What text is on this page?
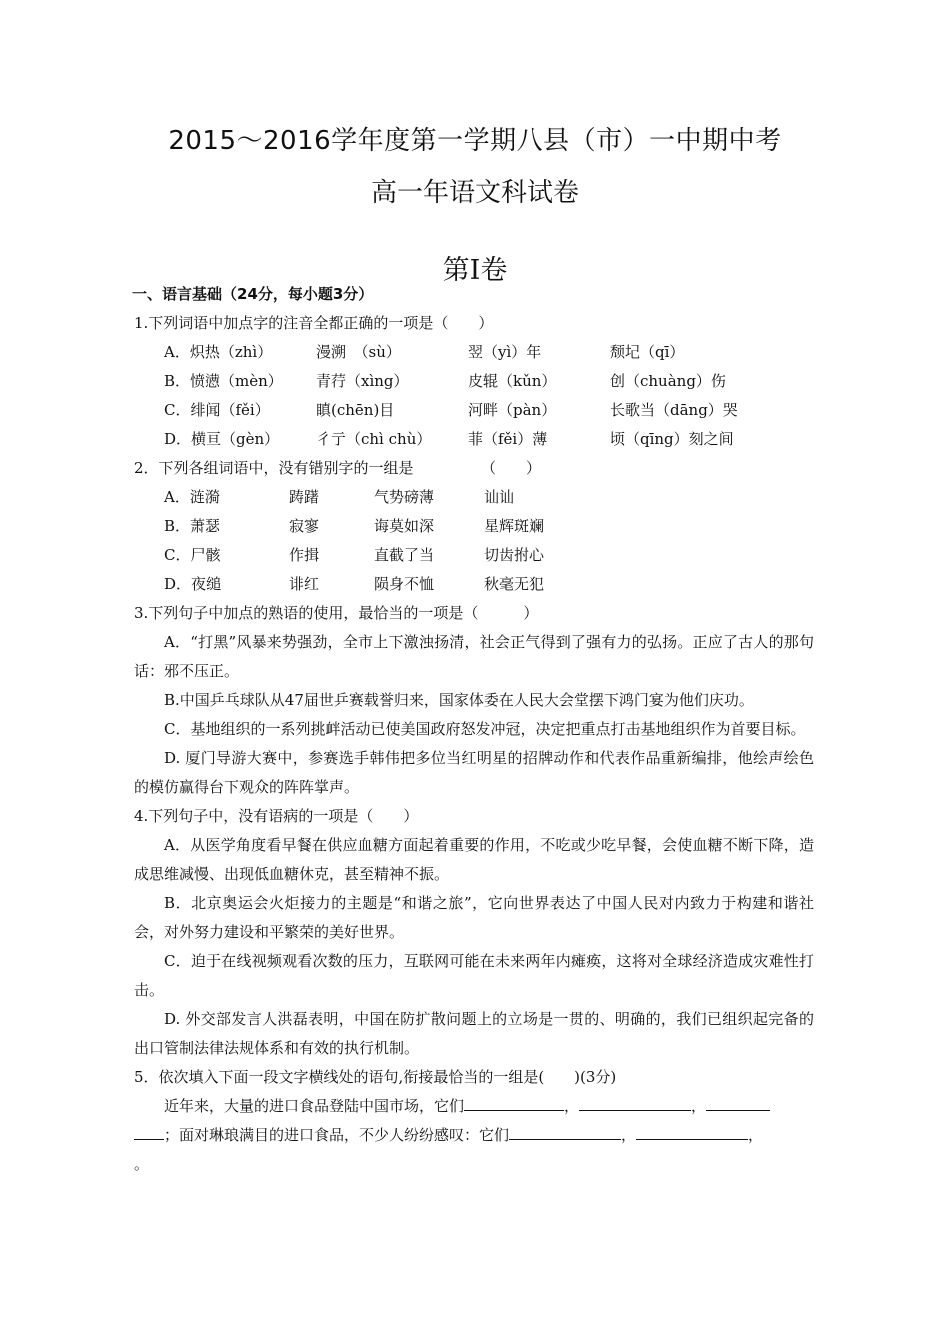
2015～2016学年度第一学期八县（市）一中期中考
高一年语文科试卷
第Ⅰ卷
一、语言基础（24分，每小题3分）
1.下列词语中加点字的注音全都正确的一项是（　　）
A．炽热（zhì）	漫溯　（sù）	翌（yì）年	颓圮（qī）
B．愤懑（mèn）	青荇（xìng）	皮辊（kǔn）	创（chuàng）伤
C．绯闻（fěi）	瞋(chēn)目	河畔（pàn）	长歌当（dāng）哭
D．横亘（gèn）	彳亍（chì chù）	菲（fěi）薄	顷（qīng）刻之间
2．下列各组词语中，没有错别字的一组是　　　　　（　　）
A．涟漪	踌躇	气势磅薄	讪讪
B．萧瑟	寂寥	诲莫如深	星辉斑斓
C．尸骸	作揖	直截了当	切齿拊心
D．夜缒	诽红	陨身不恤	秋毫无犯
3.下列句子中加点的熟语的使用，最恰当的一项是（　　　）
A．“打黑”风暴来势强劲，全市上下激浊扬清，社会正气得到了强有力的弘扬。正应了古人的那句话：邪不压正。
B.中国乒乓球队从47届世乒赛载誉归来，国家体委在人民大会堂摆下鸿门宴为他们庆功。
C．基地组织的一系列挑衅活动已使美国政府怒发冲冠，决定把重点打击基地组织作为首要目标。
D. 厦门导游大赛中，参赛选手韩伟把多位当红明星的招牌动作和代表作品重新编排，他绘声绘色的模仿赢得台下观众的阵阵掌声。
4.下列句子中，没有语病的一项是（　　）
A．从医学角度看早餐在供应血糖方面起着重要的作用，不吃或少吃早餐，会使血糖不断下降，造成思维减慢、出现低血糖休克，甚至精神不振。
B．北京奥运会火炬接力的主题是“和谐之旅”，它向世界表达了中国人民对内致力于构建和谐社会，对外努力建设和平繁荣的美好世界。
C．迫于在线视频观看次数的压力，互联网可能在未来两年内瘫痪，这将对全球经济造成灾难性打击。
D. 外交部发言人洪磊表明，中国在防扩散问题上的立场是一贯的、明确的，我们已组织起完备的出口管制法律法规体系和有效的执行机制。
5．依次填入下面一段文字横线处的语句,衔接最恰当的一组是(　　)(3分)
近年来，大量的进口食品登陆中国市场，它们	，	，
；面对琳琅满目的进口食品，不少人纷纷感叹：它们	，	，
。
